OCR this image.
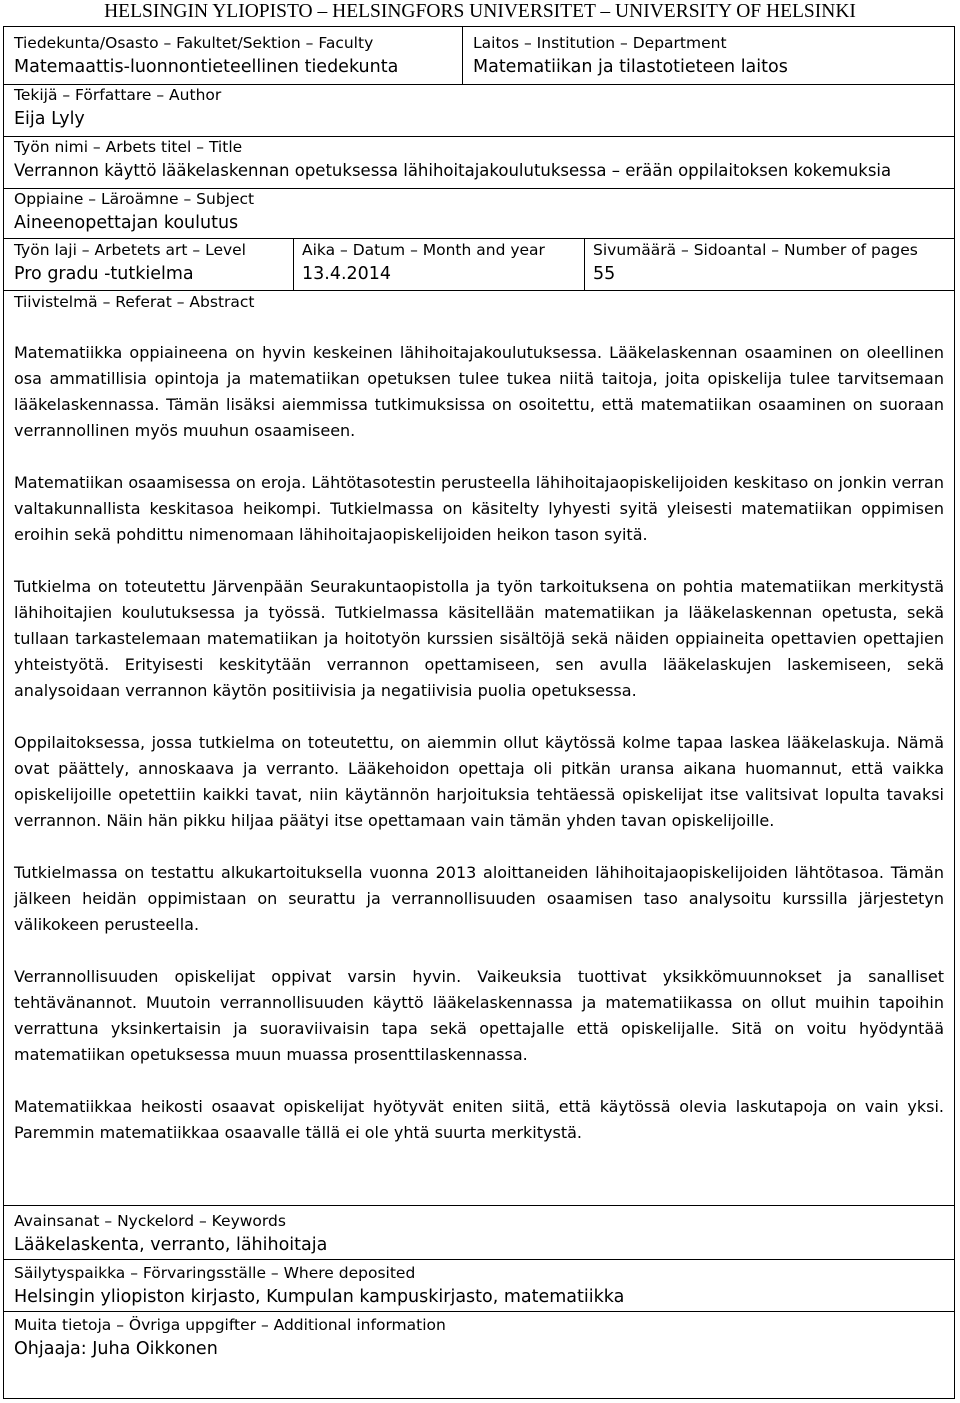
HELSINGIN YLIOPISTO – HELSINGFORS UNIVERSITET – UNIVERSITY OF HELSINKI
Tiedekunta/Osasto – Fakultet/Sektion – Faculty
Matemaattis-luonnontieteellinen tiedekunta
Laitos – Institution – Department
Matematiikan ja tilastotieteen laitos
Tekijä – Författare – Author
Eija Lyly
Työn nimi – Arbets titel – Title
Verrannon käyttö lääkelaskennan opetuksessa lähihoitajakoulutuksessa – erään oppilaitoksen kokemuksia
Oppiaine – Läroämne – Subject
Aineenopettajan koulutus
Työn laji – Arbetets art – Level
Pro gradu -tutkielma
Aika – Datum – Month and year
13.4.2014
Sivumäärä – Sidoantal – Number of pages
55
Tiivistelmä – Referat – Abstract

Matematiikka oppiaineena on hyvin keskeinen lähihoitajakoulutuksessa. Lääkelaskennan osaaminen on oleellinen osa ammatillisia opintoja ja matematiikan opetuksen tulee tukea niitä taitoja, joita opiskelija tulee tarvitsemaan lääkelaskennassa. Tämän lisäksi aiemmissa tutkimuksissa on osoitettu, että matematiikan osaaminen on suoraan verrannollinen myös muuhun osaamiseen.

Matematiikan osaamisessa on eroja. Lähtötasotestin perusteella lähihoitajaopiskelijoiden keskitaso on jonkin verran valtakunnallista keskitasoa heikompi. Tutkielmassa on käsitelty lyhyesti syitä yleisesti matematiikan oppimisen eroihin sekä pohdittu nimenomaan lähihoitajaopiskelijoiden heikon tason syitä.

Tutkielma on toteutettu Järvenpään Seurakuntaopistolla ja työn tarkoituksena on pohtia matematiikan merkitystä lähihoitajien koulutuksessa ja työssä. Tutkielmassa käsitellään matematiikan ja lääkelaskennan opetusta, sekä tullaan tarkastelemaan matematiikan ja hoitotyön kurssien sisältöjä sekä näiden oppiaineita opettavien opettajien yhteistyötä. Erityisesti keskitytään verrannon opettamiseen, sen avulla lääkelaskujen laskemiseen, sekä analysoidaan verrannon käytön positiivisia ja negatiivisia puolia opetuksessa.

Oppilaitoksessa, jossa tutkielma on toteutettu, on aiemmin ollut käytössä kolme tapaa laskea lääkelaskuja. Nämä ovat päättely, annoskaava ja verranto. Lääkehoidon opettaja oli pitkän uransa aikana huomannut, että vaikka opiskelijoille opetettiin kaikki tavat, niin käytännön harjoituksia tehtäessä opiskelijat itse valitsivat lopulta tavaksi verrannon. Näin hän pikku hiljaa päätyi itse opettamaan vain tämän yhden tavan opiskelijoille.

Tutkielmassa on testattu alkukartoituksella vuonna 2013 aloittaneiden lähihoitajaopiskelijoiden lähtötasoa. Tämän jälkeen heidän oppimistaan on seurattu ja verrannollisuuden osaamisen taso analysoitu kurssilla järjestetyn välikokeen perusteella.

Verrannollisuuden opiskelijat oppivat varsin hyvin. Vaikeuksia tuottivat yksikkömuunnokset ja sanalliset tehtävänannot. Muutoin verrannollisuuden käyttö lääkelaskennassa ja matematiikassa on ollut muihin tapoihin verrattuna yksinkertaisin ja suoraviivaisin tapa sekä opettajalle että opiskelijalle. Sitä on voitu hyödyntää matematiikan opetuksessa muun muassa prosenttilaskennassa.

Matematiikkaa heikosti osaavat opiskelijat hyötyvät eniten siitä, että käytössä olevia laskutapoja on vain yksi. Paremmin matematiikkaa osaavalle tällä ei ole yhtä suurta merkitystä.

Avainsanat – Nyckelord – Keywords
Lääkelaskenta, verranto, lähihoitaja
Säilytyspaikka – Förvaringsställe – Where deposited
Helsingin yliopiston kirjasto, Kumpulan kampuskirjasto, matematiikka
Muita tietoja – Övriga uppgifter – Additional information
Ohjaaja: Juha Oikkonen
